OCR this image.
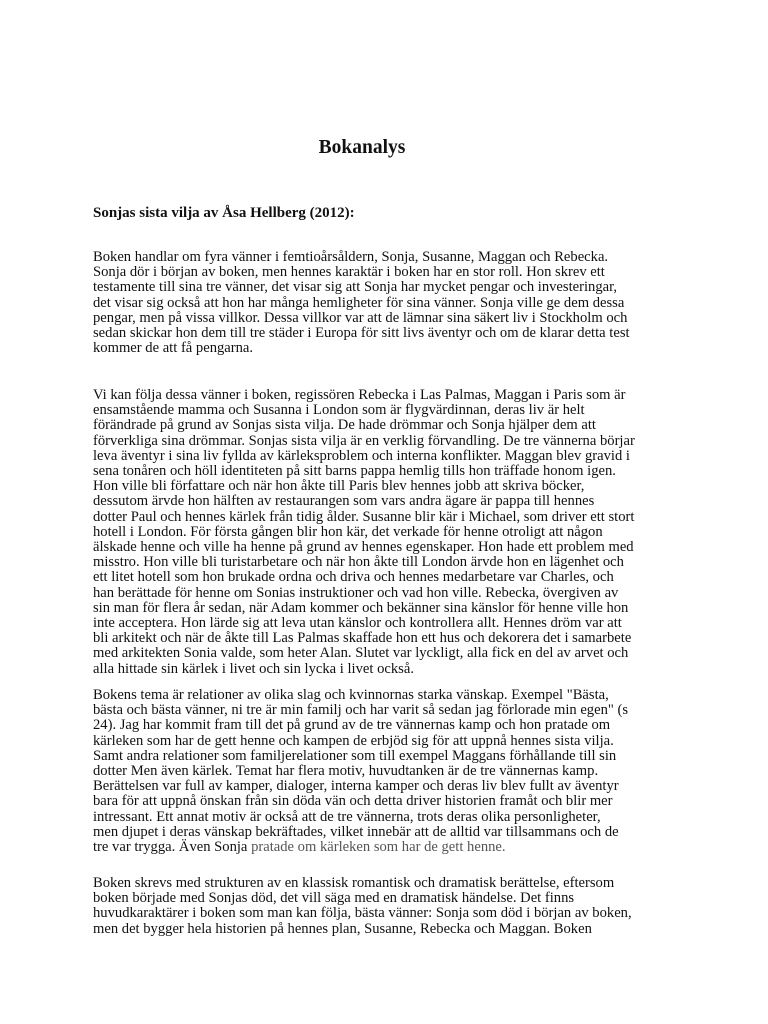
Bokanalys
Sonjas sista vilja av Åsa Hellberg (2012):

Boken handlar om fyra vänner i femtioårsåldern, Sonja, Susanne, Maggan och Rebecka.
Sonja dör i början av boken, men hennes karaktär i boken har en stor roll. Hon skrev ett
testamente till sina tre vänner, det visar sig att Sonja har mycket pengar och investeringar,
det visar sig också att hon har många hemligheter för sina vänner. Sonja ville ge dem dessa
pengar, men på vissa villkor. Dessa villkor var att de lämnar sina säkert liv i Stockholm och
sedan skickar hon dem till tre städer i Europa för sitt livs äventyr och om de klarar detta test
kommer de att få pengarna.

Vi kan följa dessa vänner i boken, regissören Rebecka i Las Palmas, Maggan i Paris som är
ensamstående mamma och Susanna i London som är flygvärdinnan, deras liv är helt
förändrade på grund av Sonjas sista vilja. De hade drömmar och Sonja hjälper dem att
förverkliga sina drömmar. Sonjas sista vilja är en verklig förvandling. De tre vännerna börjar
leva äventyr i sina liv fyllda av kärleksproblem och interna konflikter. Maggan blev gravid i
sena tonåren och höll identiteten på sitt barns pappa hemlig tills hon träffade honom igen.
Hon ville bli författare och när hon åkte till Paris blev hennes jobb att skriva böcker,
dessutom ärvde hon hälften av restaurangen som vars andra ägare är pappa till hennes
dotter Paul och hennes kärlek från tidig ålder. Susanne blir kär i Michael, som driver ett stort
hotell i London. För första gången blir hon kär, det verkade för henne otroligt att någon
älskade henne och ville ha henne på grund av hennes egenskaper. Hon hade ett problem med
misstro. Hon ville bli turistarbetare och när hon åkte till London ärvde hon en lägenhet och
ett litet hotell som hon brukade ordna och driva och hennes medarbetare var Charles, och
han berättade för henne om Sonias instruktioner och vad hon ville. Rebecka, övergiven av
sin man för flera år sedan, när Adam kommer och bekänner sina känslor för henne ville hon
inte acceptera. Hon lärde sig att leva utan känslor och kontrollera allt. Hennes dröm var att
bli arkitekt och när de åkte till Las Palmas skaffade hon ett hus och dekorera det i samarbete
med arkitekten Sonia valde, som heter Alan. Slutet var lyckligt, alla fick en del av arvet och
alla hittade sin kärlek i livet och sin lycka i livet också.

Bokens tema är relationer av olika slag och kvinnornas starka vänskap. Exempel "Bästa,
bästa och bästa vänner, ni tre är min familj och har varit så sedan jag förlorade min egen" (s
24). Jag har kommit fram till det på grund av de tre vännernas kamp och hon pratade om
kärleken som har de gett henne och kampen de erbjöd sig för att uppnå hennes sista vilja.
Samt andra relationer som familjerelationer som till exempel Maggans förhållande till sin
dotter Men även kärlek. Temat har flera motiv, huvudtanken är de tre vännernas kamp.
Berättelsen var full av kamper, dialoger, interna kamper och deras liv blev fullt av äventyr
bara för att uppnå önskan från sin döda vän och detta driver historien framåt och blir mer
intressant. Ett annat motiv är också att de tre vännerna, trots deras olika personligheter,
men djupet i deras vänskap bekräftades, vilket innebär att de alltid var tillsammans och de
tre var trygga. Även Sonja pratade om kärleken som har de gett henne.

Boken skrevs med strukturen av en klassisk romantisk och dramatisk berättelse, eftersom
boken började med Sonjas död, det vill säga med en dramatisk händelse. Det finns
huvudkaraktärer i boken som man kan följa, bästa vänner: Sonja som död i början av boken,
men det bygger hela historien på hennes plan, Susanne, Rebecka och Maggan. Boken
